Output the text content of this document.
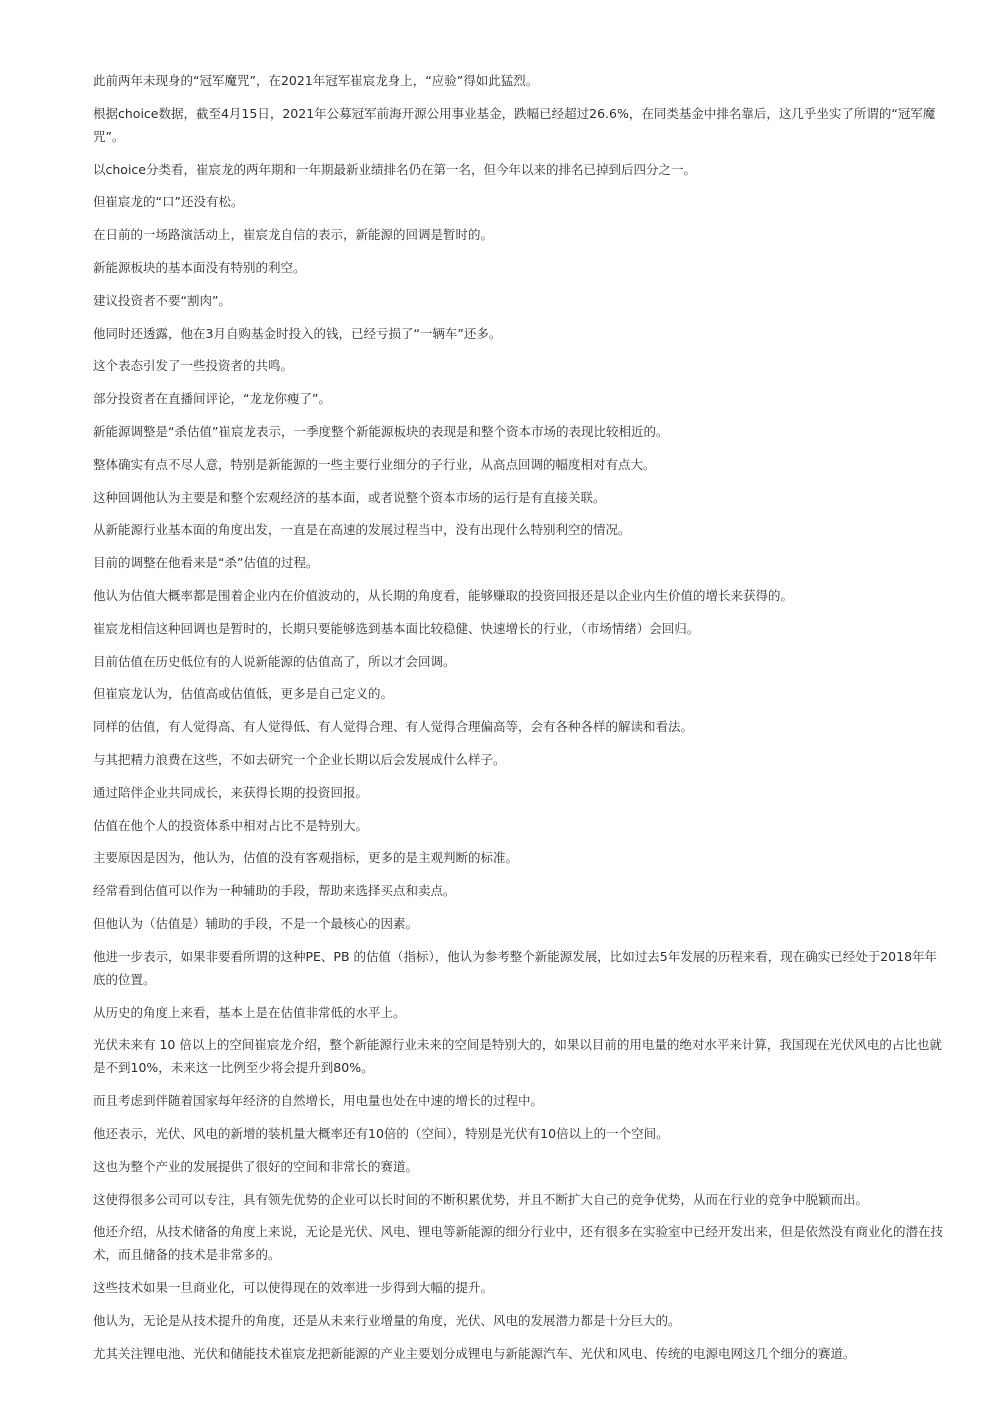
此前两年未现身的“冠军魔咒”，在2021年冠军崔宸龙身上，“应验”得如此猛烈。

根据choice数据，截至4月15日，2021年公募冠军前海开源公用事业基金，跌幅已经超过26.6%，在同类基金中排名靠后，这几乎坐实了所谓的“冠军魔咒”。

以choice分类看，崔宸龙的两年期和一年期最新业绩排名仍在第一名，但今年以来的排名已掉到后四分之一。

但崔宸龙的“口”还没有松。

在日前的一场路演活动上，崔宸龙自信的表示，新能源的回调是暂时的。

新能源板块的基本面没有特别的利空。

建议投资者不要“割肉”。

他同时还透露，他在3月自购基金时投入的钱，已经亏损了“一辆车”还多。

这个表态引发了一些投资者的共鸣。

部分投资者在直播间评论，“龙龙你瘦了”。

新能源调整是“杀估值”崔宸龙表示，一季度整个新能源板块的表现是和整个资本市场的表现比较相近的。

整体确实有点不尽人意，特别是新能源的一些主要行业细分的子行业，从高点回调的幅度相对有点大。

这种回调他认为主要是和整个宏观经济的基本面，或者说整个资本市场的运行是有直接关联。

从新能源行业基本面的角度出发，一直是在高速的发展过程当中，没有出现什么特别利空的情况。

目前的调整在他看来是“杀”估值的过程。

他认为估值大概率都是围着企业内在价值波动的，从长期的角度看，能够赚取的投资回报还是以企业内生价值的增长来获得的。

崔宸龙相信这种回调也是暂时的，长期只要能够选到基本面比较稳健、快速增长的行业，（市场情绪）会回归。

目前估值在历史低位有的人说新能源的估值高了，所以才会回调。

但崔宸龙认为，估值高或估值低，更多是自己定义的。

同样的估值，有人觉得高、有人觉得低、有人觉得合理、有人觉得合理偏高等，会有各种各样的解读和看法。

与其把精力浪费在这些，不如去研究一个企业长期以后会发展成什么样子。

通过陪伴企业共同成长，来获得长期的投资回报。

估值在他个人的投资体系中相对占比不是特别大。

主要原因是因为，他认为，估值的没有客观指标，更多的是主观判断的标准。

经常看到估值可以作为一种辅助的手段，帮助来选择买点和卖点。

但他认为（估值是）辅助的手段，不是一个最核心的因素。

他进一步表示，如果非要看所谓的这种PE、PB 的估值（指标），他认为参考整个新能源发展，比如过去5年发展的历程来看，现在确实已经处于2018年年底的位置。

从历史的角度上来看，基本上是在估值非常低的水平上。

光伏未来有 10 倍以上的空间崔宸龙介绍，整个新能源行业未来的空间是特别大的，如果以目前的用电量的绝对水平来计算，我国现在光伏风电的占比也就是不到10%，未来这一比例至少将会提升到80%。

而且考虑到伴随着国家每年经济的自然增长，用电量也处在中速的增长的过程中。

他还表示，光伏、风电的新增的装机量大概率还有10倍的（空间），特别是光伏有10倍以上的一个空间。

这也为整个产业的发展提供了很好的空间和非常长的赛道。

这使得很多公司可以专注，具有领先优势的企业可以长时间的不断积累优势，并且不断扩大自己的竞争优势，从而在行业的竞争中脱颖而出。

他还介绍，从技术储备的角度上来说，无论是光伏、风电、锂电等新能源的细分行业中，还有很多在实验室中已经开发出来，但是依然没有商业化的潜在技术，而且储备的技术是非常多的。

这些技术如果一旦商业化，可以使得现在的效率进一步得到大幅的提升。

他认为，无论是从技术提升的角度，还是从未来行业增量的角度，光伏、风电的发展潜力都是十分巨大的。

尤其关注锂电池、光伏和储能技术崔宸龙把新能源的产业主要划分成锂电与新能源汽车、光伏和风电、传统的电源电网这几个细分的赛道。
